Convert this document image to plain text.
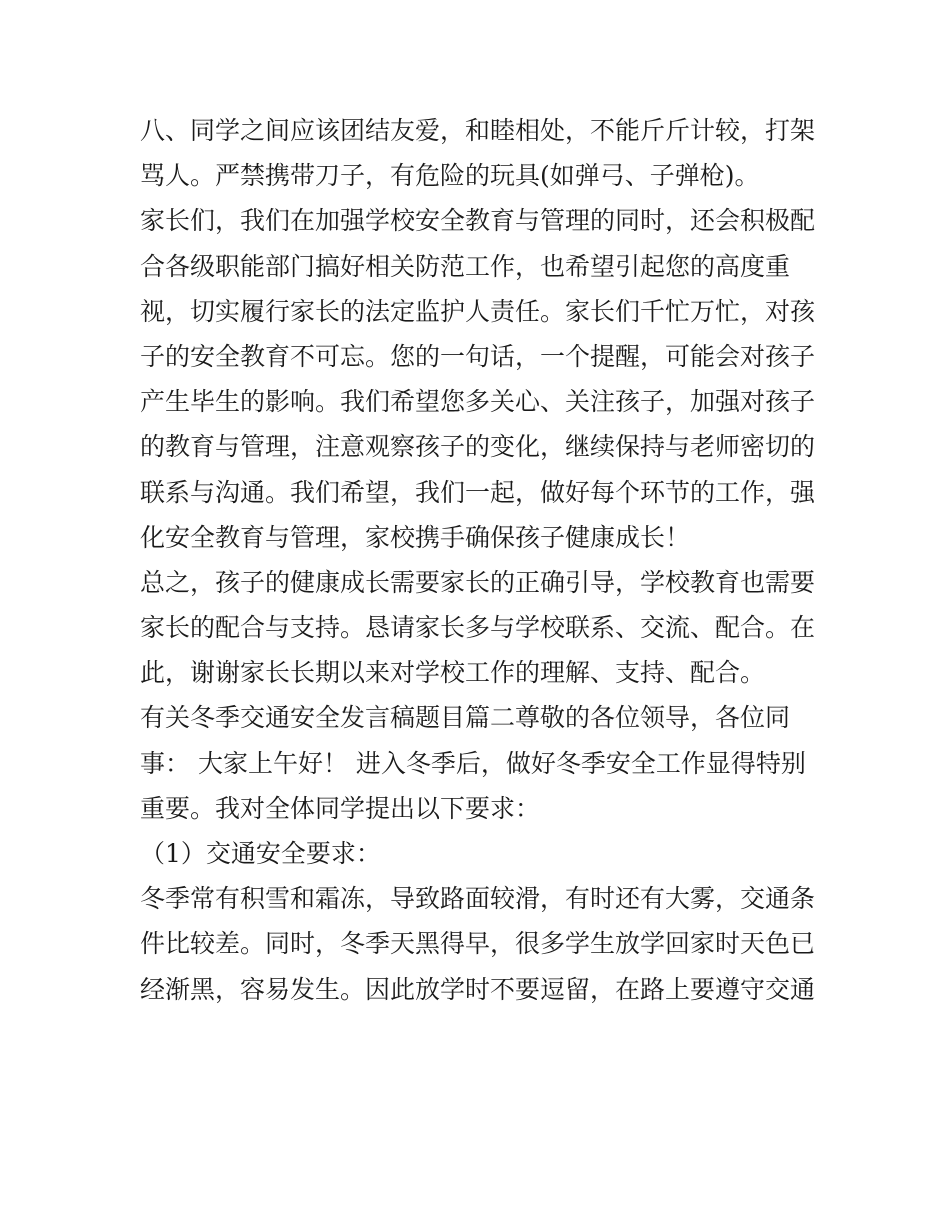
八、同学之间应该团结友爱，和睦相处，不能斤斤计较，打架
骂人。严禁携带刀子，有危险的玩具(如弹弓、子弹枪)。
家长们，我们在加强学校安全教育与管理的同时，还会积极配
合各级职能部门搞好相关防范工作，也希望引起您的高度重
视，切实履行家长的法定监护人责任。家长们千忙万忙，对孩
子的安全教育不可忘。您的一句话，一个提醒，可能会对孩子
产生毕生的影响。我们希望您多关心、关注孩子，加强对孩子
的教育与管理，注意观察孩子的变化，继续保持与老师密切的
联系与沟通。我们希望，我们一起，做好每个环节的工作，强
化安全教育与管理，家校携手确保孩子健康成长！
总之，孩子的健康成长需要家长的正确引导，学校教育也需要
家长的配合与支持。恳请家长多与学校联系、交流、配合。在
此，谢谢家长长期以来对学校工作的理解、支持、配合。
有关冬季交通安全发言稿题目篇二尊敬的各位领导，各位同
事： 大家上午好！ 进入冬季后，做好冬季安全工作显得特别
重要。我对全体同学提出以下要求：
（1）交通安全要求：
冬季常有积雪和霜冻，导致路面较滑，有时还有大雾，交通条
件比较差。同时，冬季天黑得早，很多学生放学回家时天色已
经渐黑，容易发生。因此放学时不要逗留，在路上要遵守交通
